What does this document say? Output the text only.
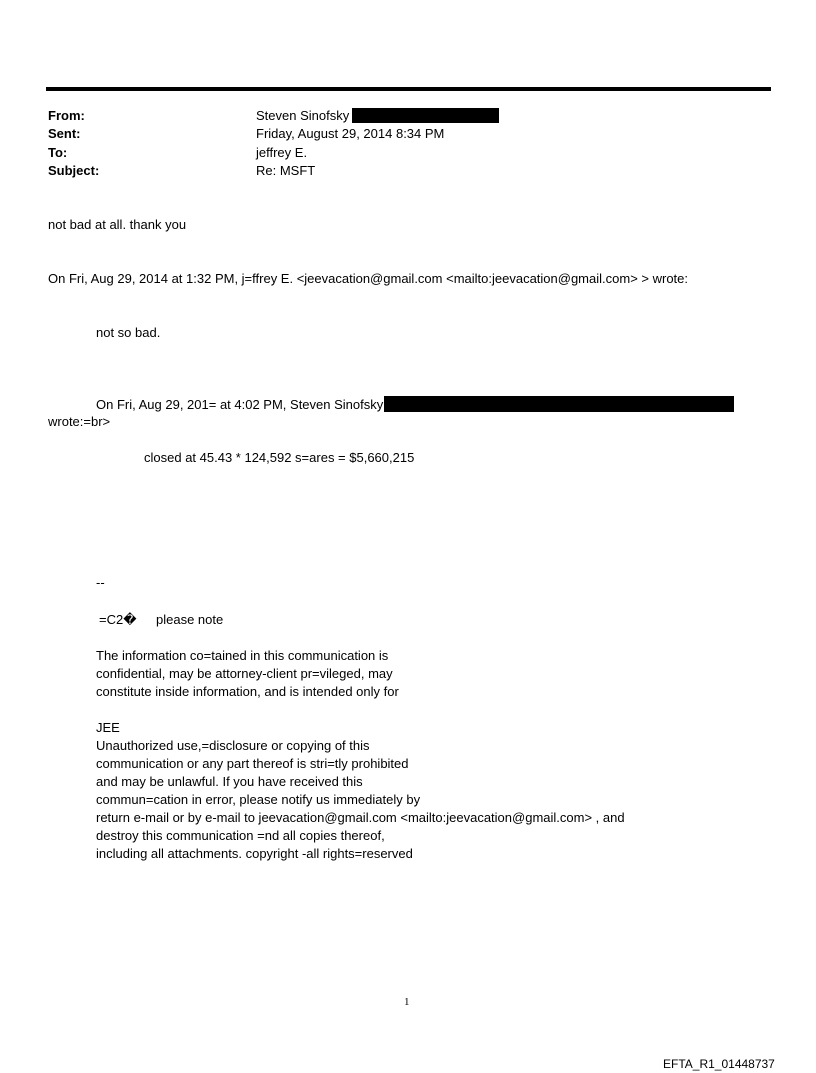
From:	Steven Sinofsky
Sent:	Friday, August 29, 2014 8:34 PM
To:	jeffrey E.
Subject:	Re: MSFT
not bad at all. thank you
On Fri, Aug 29, 2014 at 1:32 PM, j=ffrey E. <jeevacation@gmail.com <mailto:jeevacation@gmail.com> > wrote:
not so bad.
On Fri, Aug 29, 201= at 4:02 PM, Steven Sinofsky
wrote:=br>
closed at 45.43 * 124,592 s=ares = $5,660,215
--
=C2� please note
The information co=tained in this communication is
confidential, may be attorney-client pr=vileged, may
constitute inside information, and is intended only for
JEE
Unauthorized use,=disclosure or copying of this
communication or any part thereof is stri=tly prohibited
and may be unlawful. If you have received this
commun=cation in error, please notify us immediately by
return e-mail or by e-mail to jeevacation@gmail.com <mailto:jeevacation@gmail.com> , and
destroy this communication =nd all copies thereof,
including all attachments. copyright -all rights=reserved
1
EFTA_R1_01448737
